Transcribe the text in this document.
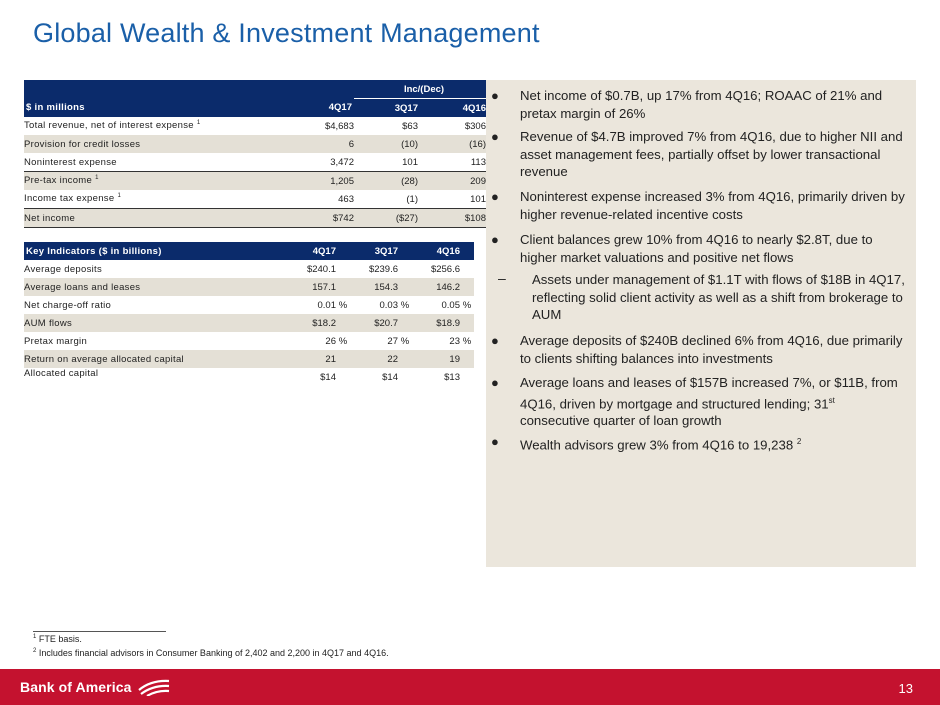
Global Wealth & Investment Management
		Inc/(Dec)	
$ in millions	4Q17	3Q17	4Q16
Total revenue, net of interest expense $^1$	$4,683	$63	$306
Provision for credit losses	6	(10)	(16)
Noninterest expense	3,472	101	113
Pre-tax income $^1$	1,205	(28)	209
Income tax expense $^1$	463	(1)	101
Net income	$742	($27)	$108
Key Indicators ($ in billions)	4Q17		3Q17		4Q16	
Average deposits	$240.1		$239.6		$256.6	
Average loans and leases	157.1		154.3		146.2	
Net charge-off ratio	0.01	%	0.03	%	0.05	%
AUM flows	$18.2		$20.7		$18.9	
Pretax margin	26	%	27	%	23	%
Return on average allocated capital	21		22		19	
Allocated capital	$14		$14		$13	
● Net income of $0.7B, up 17% from 4Q16; ROAAC of 21% and pretax margin of 26%
● Revenue of $4.7B improved 7% from 4Q16, due to higher NII and asset management fees, partially offset by lower transactional revenue
● Noninterest expense increased 3% from 4Q16, primarily driven by higher revenue-related incentive costs
● Client balances grew 10% from 4Q16 to nearly $2.8T, due to higher market valuations and positive net flows
– Assets under management of $1.1T with flows of $18B in 4Q17, reflecting solid client activity as well as a shift from brokerage to AUM
● Average deposits of $240B declined 6% from 4Q16, due primarily to clients shifting balances into investments
● Average loans and leases of $157B increased 7%, or $11B, from 4Q16, driven by mortgage and structured lending; 31st consecutive quarter of loan growth
● Wealth advisors grew 3% from 4Q16 to 19,238 $^2$
$^1$ FTE basis.
$^2$ Includes financial advisors in Consumer Banking of 2,402 and 2,200 in 4Q17 and 4Q16.
Bank of America	13
